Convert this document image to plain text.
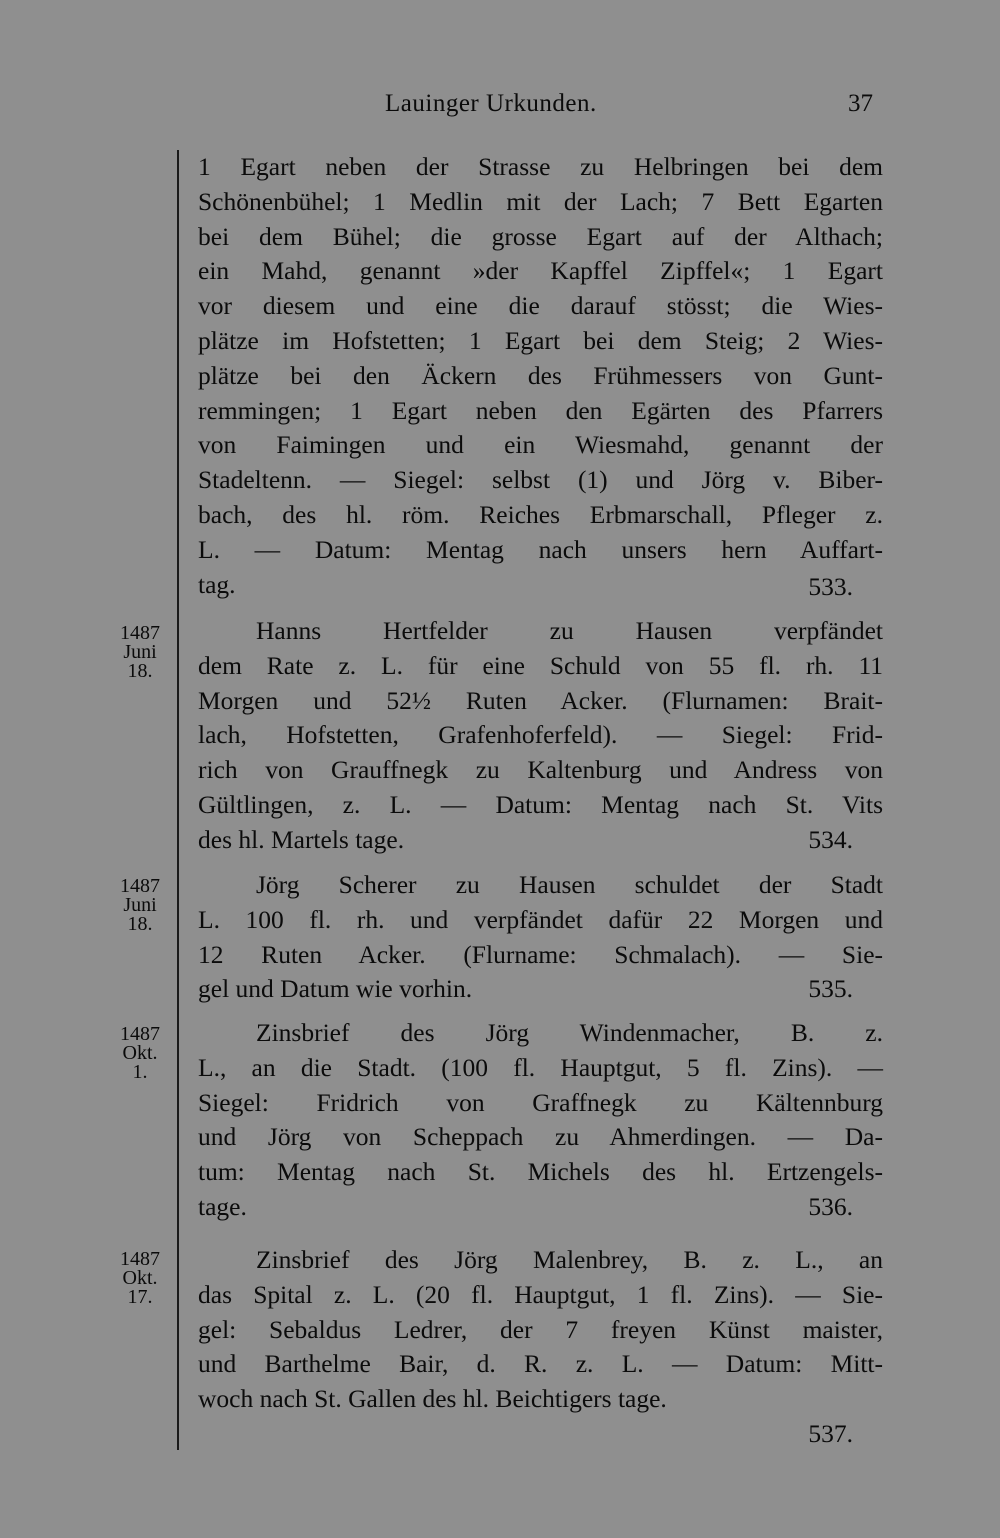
Lauinger Urkunden.	37
1 Egart neben der Strasse zu Helbringen bei dem
Schönenbühel; 1 Medlin mit der Lach; 7 Bett Egarten
bei dem Bühel; die grosse Egart auf der Althach;
ein Mahd, genannt »der Kapffel Zipffel«; 1 Egart
vor diesem und eine die darauf stösst; die Wies-
plätze im Hofstetten; 1 Egart bei dem Steig; 2 Wies-
plätze bei den Äckern des Frühmessers von Gunt-
remmingen; 1 Egart neben den Egärten des Pfarrers
von Faimingen und ein Wiesmahd, genannt der
Stadeltenn. — Siegel: selbst (1) und Jörg v. Biber-
bach, des hl. röm. Reiches Erbmarschall, Pfleger z.
L. — Datum: Mentag nach unsers hern Auffart-
tag.	533.
1487
Juni
18.
Hanns Hertfelder zu Hausen verpfändet
dem Rate z. L. für eine Schuld von 55 fl. rh. 11
Morgen und 52½ Ruten Acker. (Flurnamen: Brait-
lach, Hofstetten, Grafenhoferfeld). — Siegel: Frid-
rich von Grauffnegk zu Kaltenburg und Andress von
Gültlingen, z. L. — Datum: Mentag nach St. Vits
des hl. Martels tage.	534.
1487
Juni
18.
Jörg Scherer zu Hausen schuldet der Stadt
L. 100 fl. rh. und verpfändet dafür 22 Morgen und
12 Ruten Acker. (Flurname: Schmalach). — Sie-
gel und Datum wie vorhin.	535.
1487
Okt.
1.
Zinsbrief des Jörg Windenmacher, B. z.
L., an die Stadt. (100 fl. Hauptgut, 5 fl. Zins). —
Siegel: Fridrich von Graffnegk zu Kältennburg
und Jörg von Scheppach zu Ahmerdingen. — Da-
tum: Mentag nach St. Michels des hl. Ertzengels-
tage.	536.
1487
Okt.
17.
Zinsbrief des Jörg Malenbrey, B. z. L., an
das Spital z. L. (20 fl. Hauptgut, 1 fl. Zins). — Sie-
gel: Sebaldus Ledrer, der 7 freyen Künst maister,
und Barthelme Bair, d. R. z. L. — Datum: Mitt-
woch nach St. Gallen des hl. Beichtigers tage.
537.
